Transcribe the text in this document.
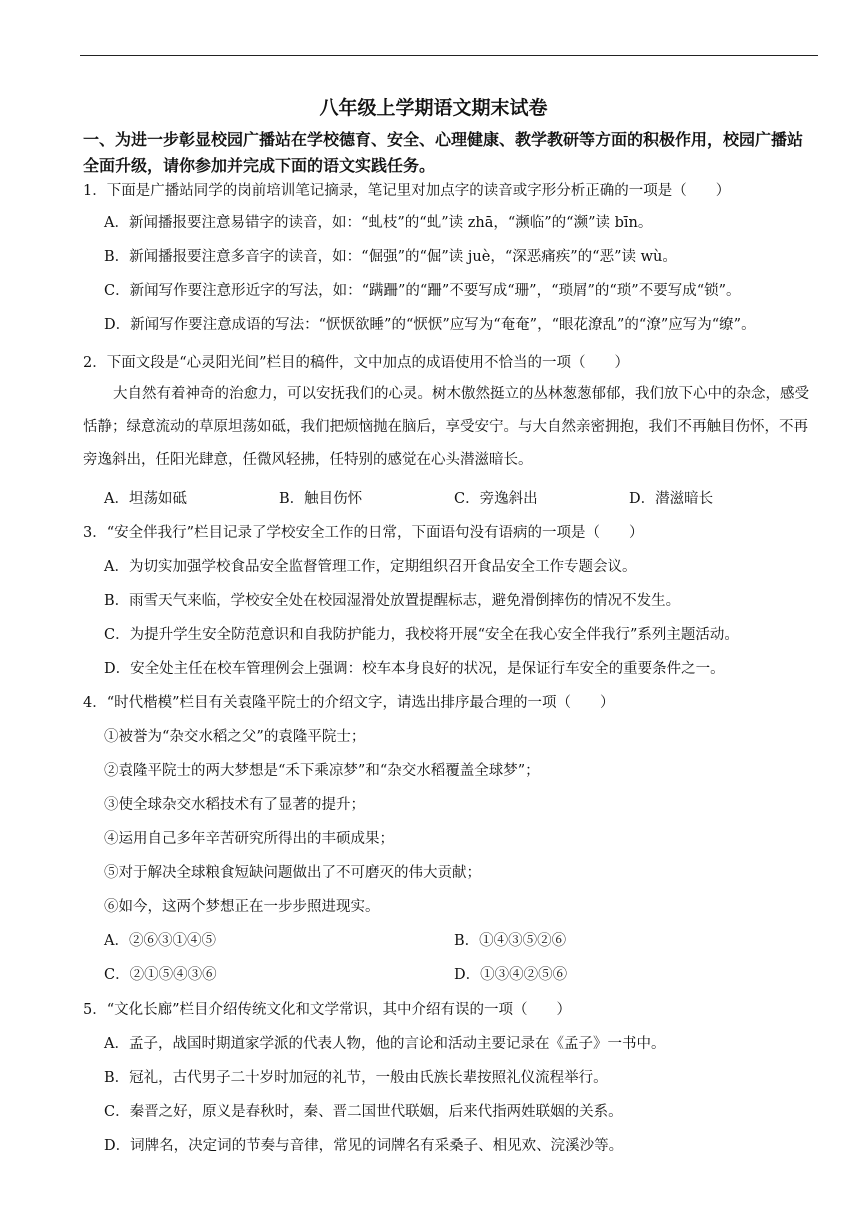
八年级上学期语文期末试卷
一、为进一步彰显校园广播站在学校德育、安全、心理健康、教学教研等方面的积极作用，校园广播站全面升级，请你参加并完成下面的语文实践任务。
1．下面是广播站同学的岗前培训笔记摘录，笔记里对加点字的读音或字形分析正确的一项是（　　）
A．新闻播报要注意易错字的读音，如：“虬枝”的“虬”读 zhā，“濒临”的“濒”读 bīn。
B．新闻播报要注意多音字的读音，如：“倔强”的“倔”读 juè，“深恶痛疾”的“恶”读 wù。
C．新闻写作要注意形近字的写法，如：“蹒跚”的“跚”不要写成“珊”，“琐屑”的“琐”不要写成“锁”。
D．新闻写作要注意成语的写法：“恹恹欲睡”的“恹恹”应写为“奄奄”，“眼花潦乱”的“潦”应写为“缭”。
2．下面文段是“心灵阳光间”栏目的稿件，文中加点的成语使用不恰当的一项（　　）
大自然有着神奇的治愈力，可以安抚我们的心灵。树木傲然挺立的丛林葱葱郁郁，我们放下心中的杂念，感受恬静；绿意流动的草原坦荡如砥，我们把烦恼抛在脑后，享受安宁。与大自然亲密拥抱，我们不再触目伤怀，不再旁逸斜出，任阳光肆意，任微风轻拂，任特别的感觉在心头潜滋暗长。
A．坦荡如砥	B．触目伤怀	C．旁逸斜出	D．潜滋暗长
3．“安全伴我行”栏目记录了学校安全工作的日常，下面语句没有语病的一项是（　　）
A．为切实加强学校食品安全监督管理工作，定期组织召开食品安全工作专题会议。
B．雨雪天气来临，学校安全处在校园湿滑处放置提醒标志，避免滑倒摔伤的情况不发生。
C．为提升学生安全防范意识和自我防护能力，我校将开展“安全在我心安全伴我行”系列主题活动。
D．安全处主任在校车管理例会上强调：校车本身良好的状况，是保证行车安全的重要条件之一。
4．“时代楷模”栏目有关袁隆平院士的介绍文字，请选出排序最合理的一项（　　）
①被誉为“杂交水稻之父”的袁隆平院士；
②袁隆平院士的两大梦想是“禾下乘凉梦”和“杂交水稻覆盖全球梦”；
③使全球杂交水稻技术有了显著的提升；
④运用自己多年辛苦研究所得出的丰硕成果；
⑤对于解决全球粮食短缺问题做出了不可磨灭的伟大贡献；
⑥如今，这两个梦想正在一步步照进现实。
A．②⑥③①④⑤	B．①④③⑤②⑥
C．②①⑤④③⑥	D．①③④②⑤⑥
5．“文化长廊”栏目介绍传统文化和文学常识，其中介绍有误的一项（　　）
A．孟子，战国时期道家学派的代表人物，他的言论和活动主要记录在《孟子》一书中。
B．冠礼，古代男子二十岁时加冠的礼节，一般由氏族长辈按照礼仪流程举行。
C．秦晋之好，原义是春秋时，秦、晋二国世代联姻，后来代指两姓联姻的关系。
D．词牌名，决定词的节奏与音律，常见的词牌名有采桑子、相见欢、浣溪沙等。
